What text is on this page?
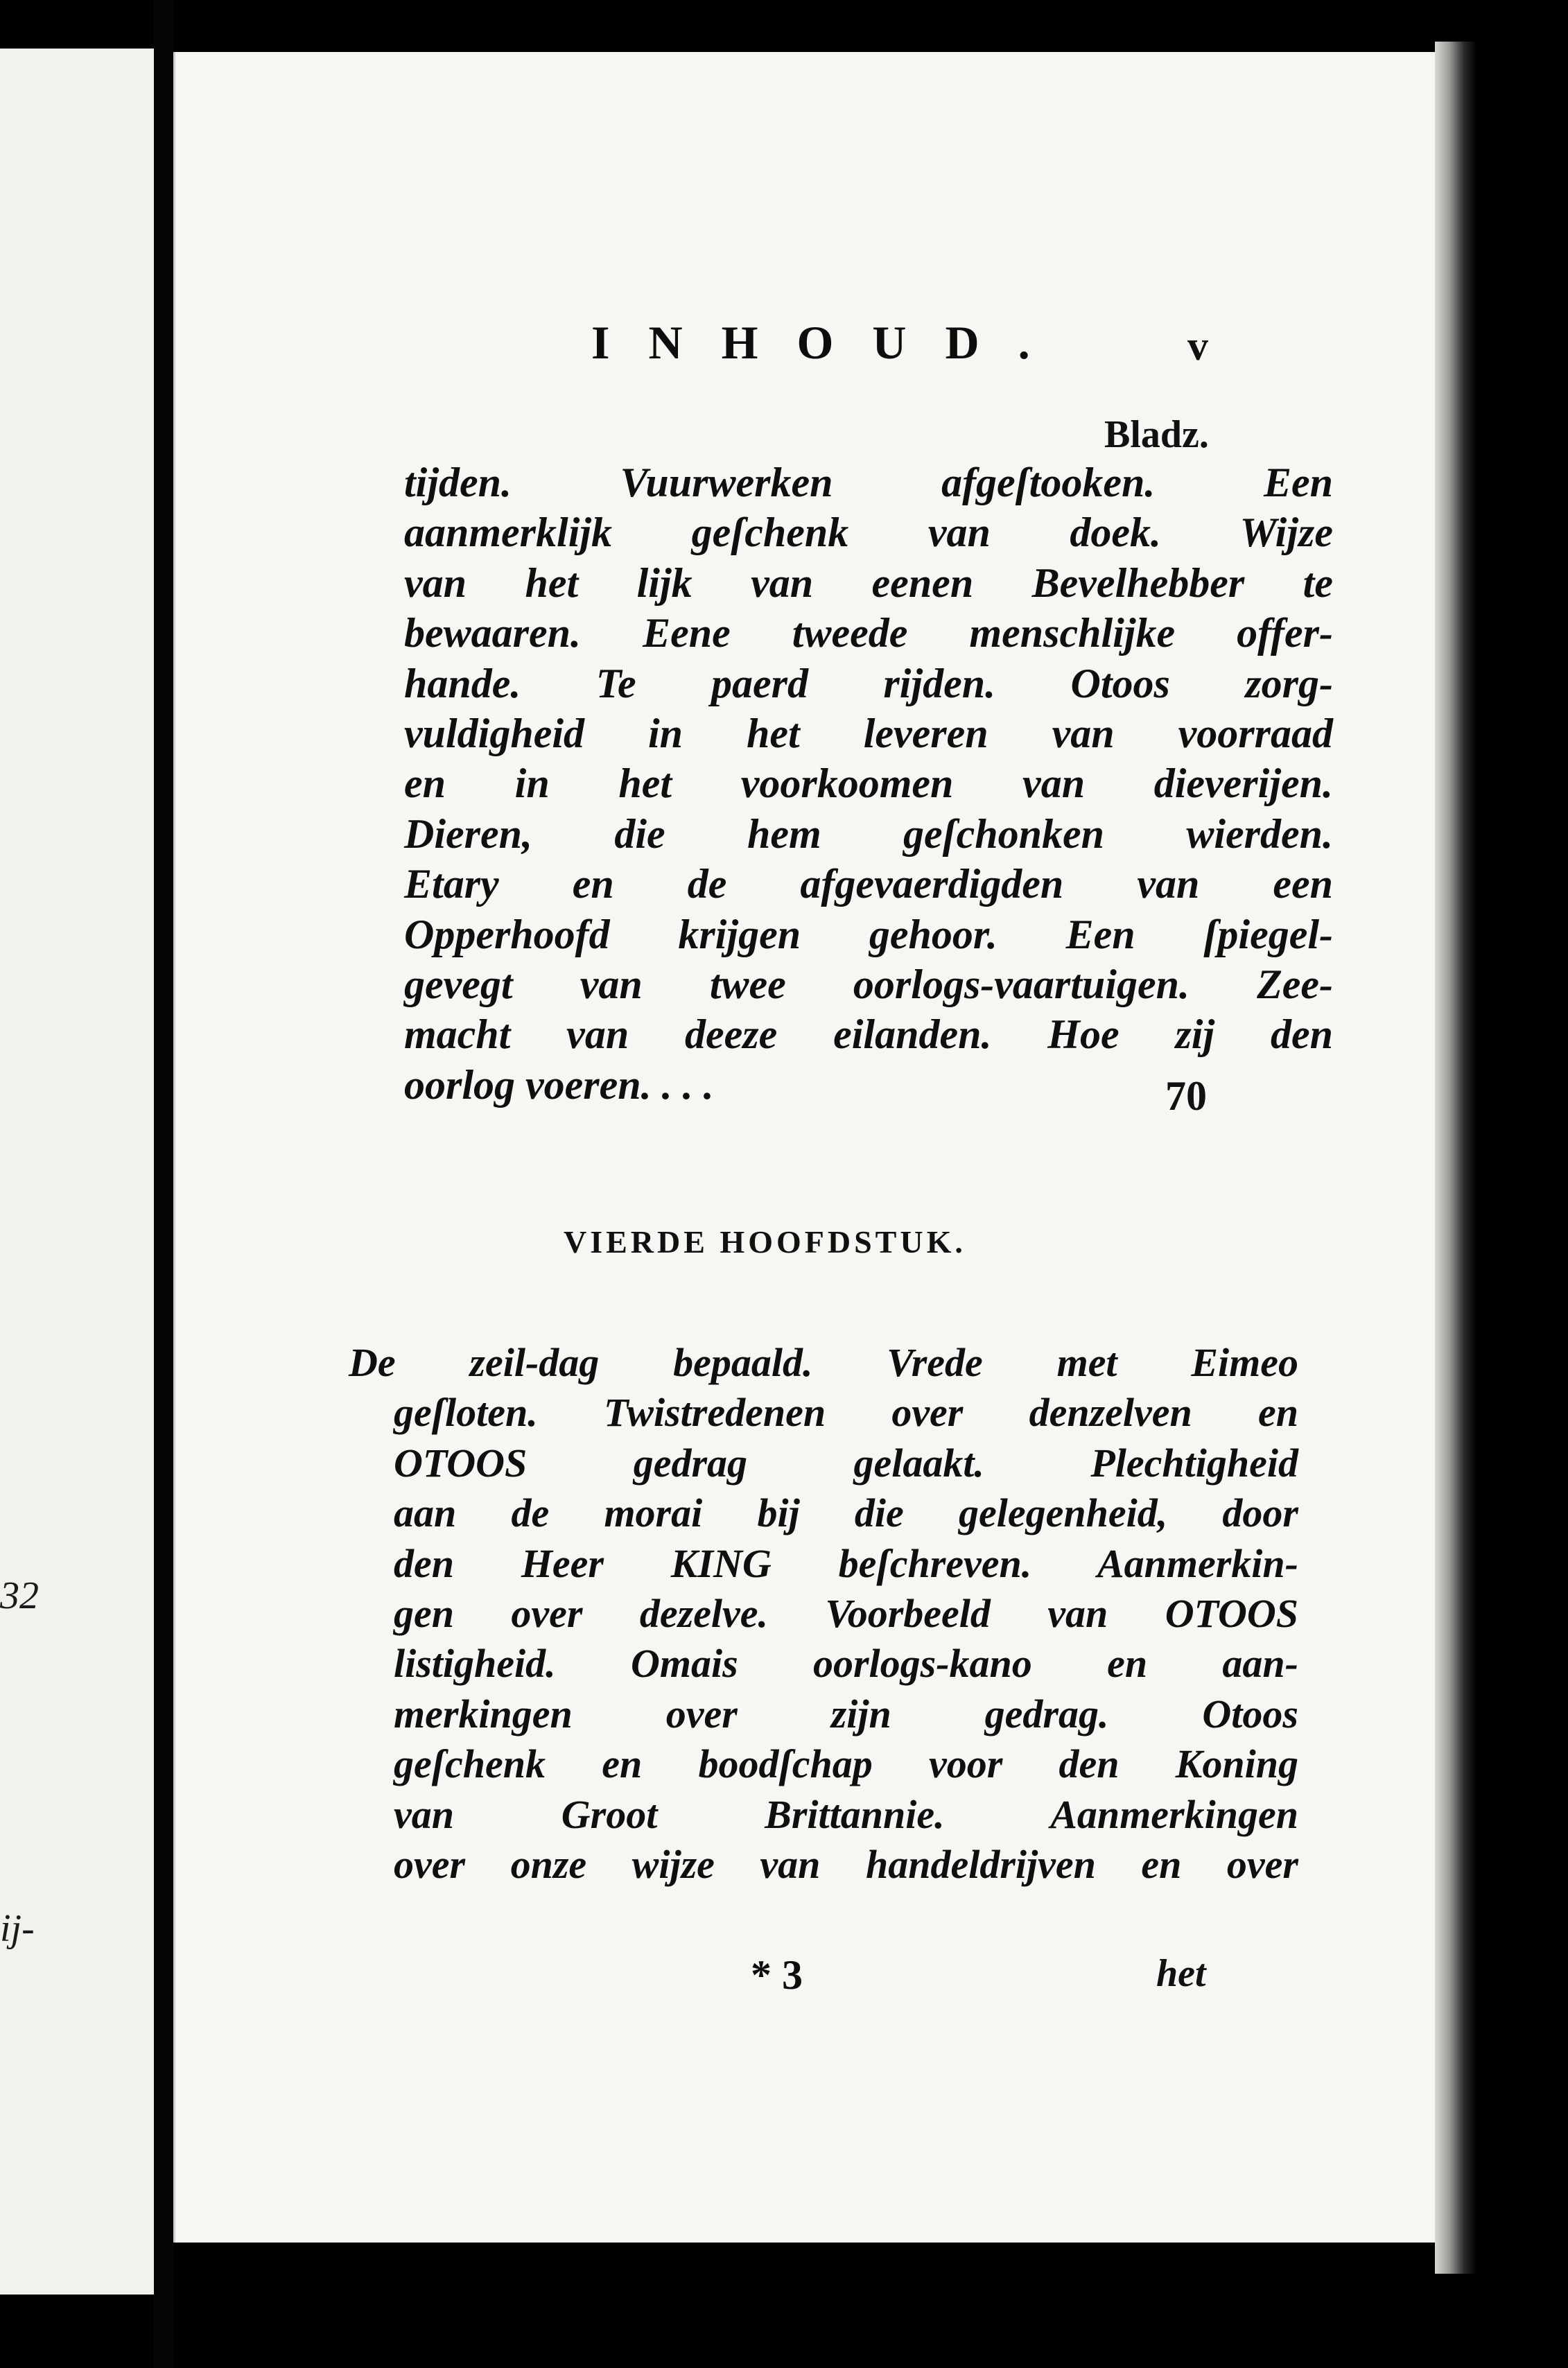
32
ij-
INHOUD.	v
Bladz.
tijden. Vuurwerken afgeſtooken. Een
aanmerklijk geſchenk van doek. Wijze
van het lijk van eenen Bevelhebber te
bewaaren. Eene tweede menschlijke offer-
hande. Te paerd rijden. Otoos zorg-
vuldigheid in het leveren van voorraad
en in het voorkoomen van dieverijen.
Dieren, die hem geſchonken wierden.
Etary en de afgevaerdigden van een
Opperhoofd krijgen gehoor. Een ſpiegel-
gevegt van twee oorlogs-vaartuigen. Zee-
macht van deeze eilanden. Hoe zij den
oorlog voeren. . . .	70
VIERDE HOOFDSTUK.
De zeil-dag bepaald. Vrede met Eimeo
geſloten. Twistredenen over denzelven en
OTOOS gedrag gelaakt. Plechtigheid
aan de morai bij die gelegenheid, door
den Heer KING beſchreven. Aanmerkin-
gen over dezelve. Voorbeeld van OTOOS
listigheid. Omais oorlogs-kano en aan-
merkingen over zijn gedrag. Otoos
geſchenk en boodſchap voor den Koning
van Groot Brittannie. Aanmerkingen
over onze wijze van handeldrijven en over
* 3	het
